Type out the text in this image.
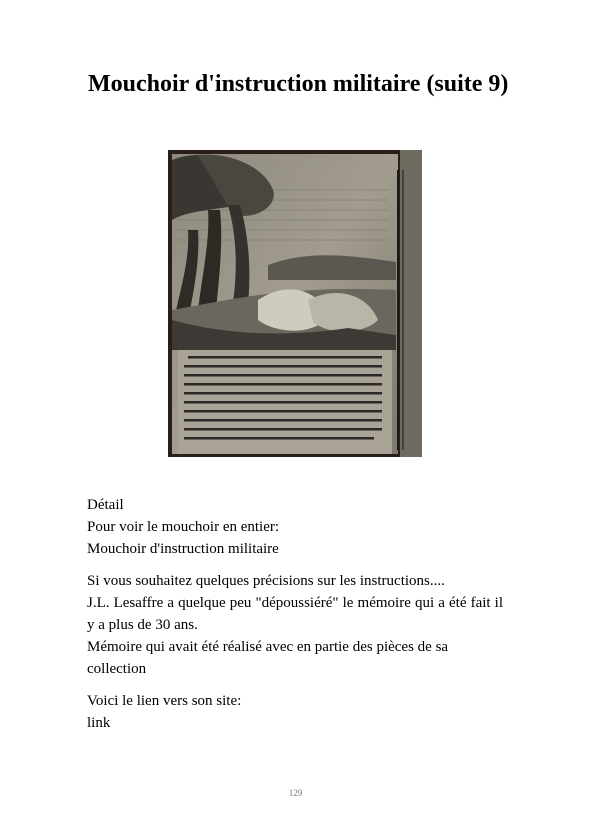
Mouchoir d'instruction militaire (suite 9)

Détail

Pour voir le mouchoir en entier:

Mouchoir d'instruction militaire

Si vous souhaitez quelques précisions sur les instructions....

J.L. Lesaffre a quelque peu "dépoussiéré" le mémoire qui a été fait il y a plus de 30 ans.

Mémoire qui avait été réalisé avec en partie des pièces de sa collection

Voici le lien vers son site:

link

129
